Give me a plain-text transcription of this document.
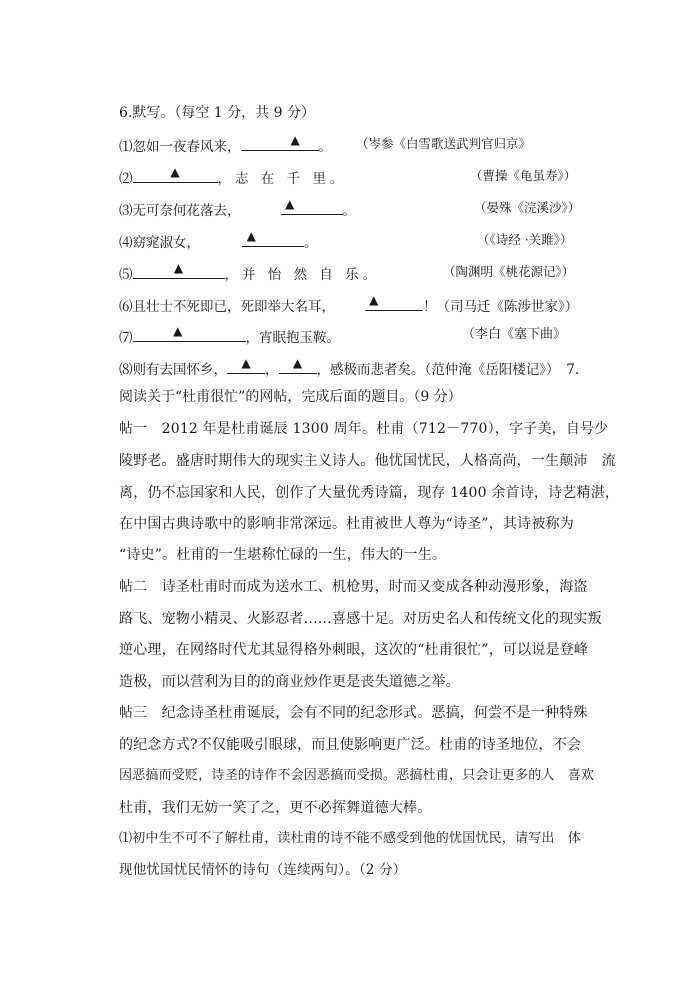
6.默写。（每空 1 分，共 9 分）
⑴忽如一夜春风来，	▲ 。 （岑参《白雪歌送武判官归京》
⑵	▲	，志 在 千 里。	（曹操《龟虽寿》）
⑶无可奈何花落去，	▲	。	（晏殊《浣溪沙》）
⑷窈窕淑女，	▲	。	（《诗经 ·关雎》）
⑸	▲	，并 怡 然 自 乐。	（陶渊明《桃花源记》）
⑹且壮士不死即已，死即举大名耳，	▲	！（司马迁《陈涉世家》）
⑺	▲	，宵眠抱玉鞍。	（李白《塞下曲》
⑻则有去国怀乡， ▲ ， ▲ ，感极而悲者矣。（范仲淹《岳阳楼记》）　7.
阅读关于“杜甫很忙”的网帖，完成后面的题目。（9 分）
帖一　2012 年是杜甫诞辰 1300 周年。杜甫（712－770），字子美，自号少
陵野老。盛唐时期伟大的现实主义诗人。他忧国忧民，人格高尚，一生颠沛　流
离，仍不忘国家和人民，创作了大量优秀诗篇，现存 1400 余首诗，诗艺精湛，
在中国古典诗歌中的影响非常深远。杜甫被世人尊为“诗圣”，其诗被称为
“诗史”。杜甫的一生堪称忙碌的一生，伟大的一生。
帖二　诗圣杜甫时而成为送水工、机枪男，时而又变成各种动漫形象，海盗
路飞、宠物小精灵、火影忍者……喜感十足。对历史名人和传统文化的现实叛
逆心理，在网络时代尤其显得格外刺眼，这次的“杜甫很忙”，可以说是登峰
造极，而以营利为目的的商业炒作更是丧失道德之举。
帖三　纪念诗圣杜甫诞辰，会有不同的纪念形式。恶搞，何尝不是一种特殊
的纪念方式?不仅能吸引眼球，而且使影响更广泛。杜甫的诗圣地位，不会
因恶搞而受贬，诗圣的诗作不会因恶搞而受损。恶搞杜甫，只会让更多的人　喜欢
杜甫，我们无妨一笑了之，更不必挥舞道德大棒。
⑴初中生不可不了解杜甫，读杜甫的诗不能不感受到他的忧国忧民，请写出　体
现他忧国忧民情怀的诗句（连续两句）。（2 分）
